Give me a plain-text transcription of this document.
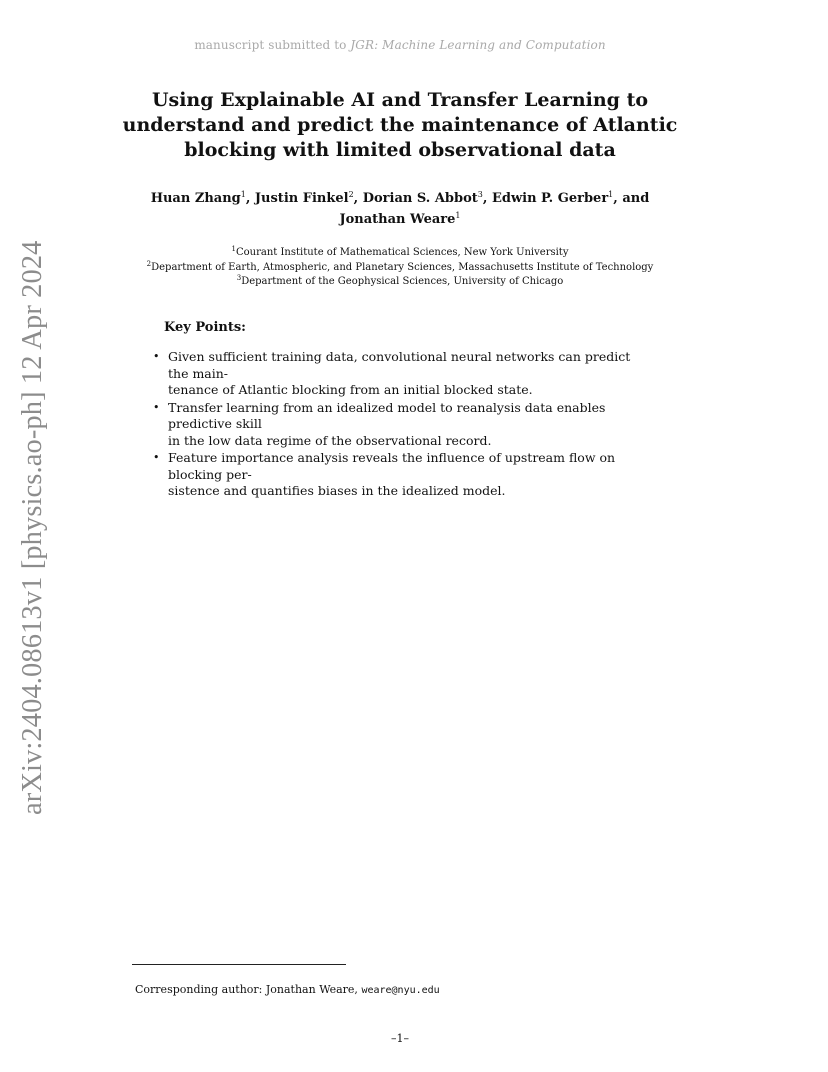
manuscript submitted to JGR: Machine Learning and Computation
Using Explainable AI and Transfer Learning to
understand and predict the maintenance of Atlantic
blocking with limited observational data
Huan Zhang$^1$, Justin Finkel$^2$, Dorian S. Abbot$^3$, Edwin P. Gerber$^1$, and
Jonathan Weare$^1$
$^1$Courant Institute of Mathematical Sciences, New York University
$^2$Department of Earth, Atmospheric, and Planetary Sciences, Massachusetts Institute of Technology
$^3$Department of the Geophysical Sciences, University of Chicago
arXiv:2404.08613v1 [physics.ao-ph] 12 Apr 2024	Key Points:
• Given sufficient training data, convolutional neural networks can predict the main-
tenance of Atlantic blocking from an initial blocked state.
• Transfer learning from an idealized model to reanalysis data enables predictive skill
in the low data regime of the observational record.
• Feature importance analysis reveals the influence of upstream flow on blocking per-
sistence and quantifies biases in the idealized model.
Corresponding author: Jonathan Weare, weare@nyu.edu
–1–
